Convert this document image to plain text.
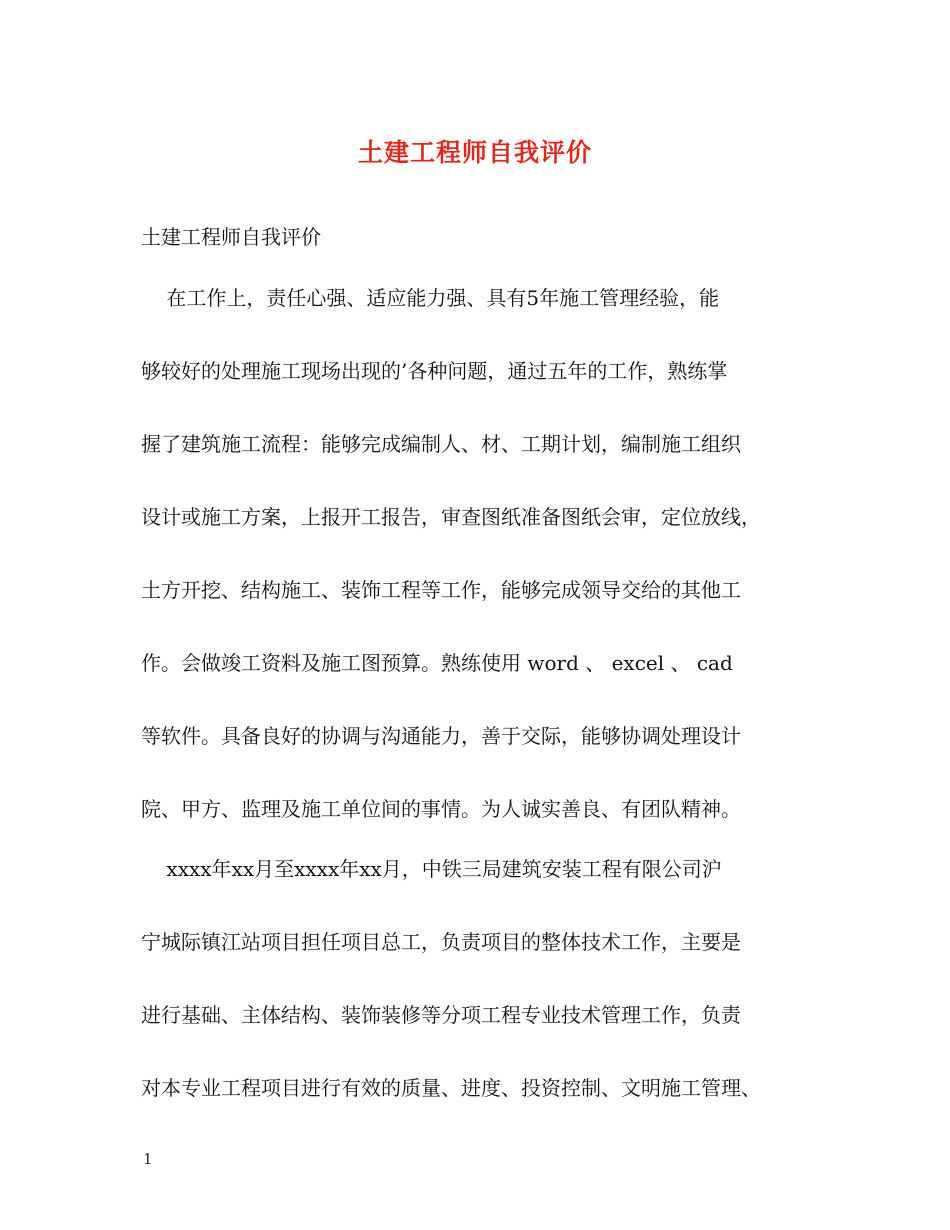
土建工程师自我评价
土建工程师自我评价
在工作上，责任心强、适应能力强、具有5年施工管理经验，能
够较好的处理施工现场出现的’各种问题，通过五年的工作，熟练掌
握了建筑施工流程：能够完成编制人、材、工期计划，编制施工组织
设计或施工方案，上报开工报告，审查图纸准备图纸会审，定位放线，
土方开挖、结构施工、装饰工程等工作，能够完成领导交给的其他工
作。会做竣工资料及施工图预算。熟练使用 word 、 excel 、 cad
等软件。具备良好的协调与沟通能力，善于交际，能够协调处理设计
院、甲方、监理及施工单位间的事情。为人诚实善良、有团队精神。
xxxx年xx月至xxxx年xx月，中铁三局建筑安装工程有限公司沪
宁城际镇江站项目担任项目总工，负责项目的整体技术工作，主要是
进行基础、主体结构、装饰装修等分项工程专业技术管理工作，负责
对本专业工程项目进行有效的质量、进度、投资控制、文明施工管理、
1
